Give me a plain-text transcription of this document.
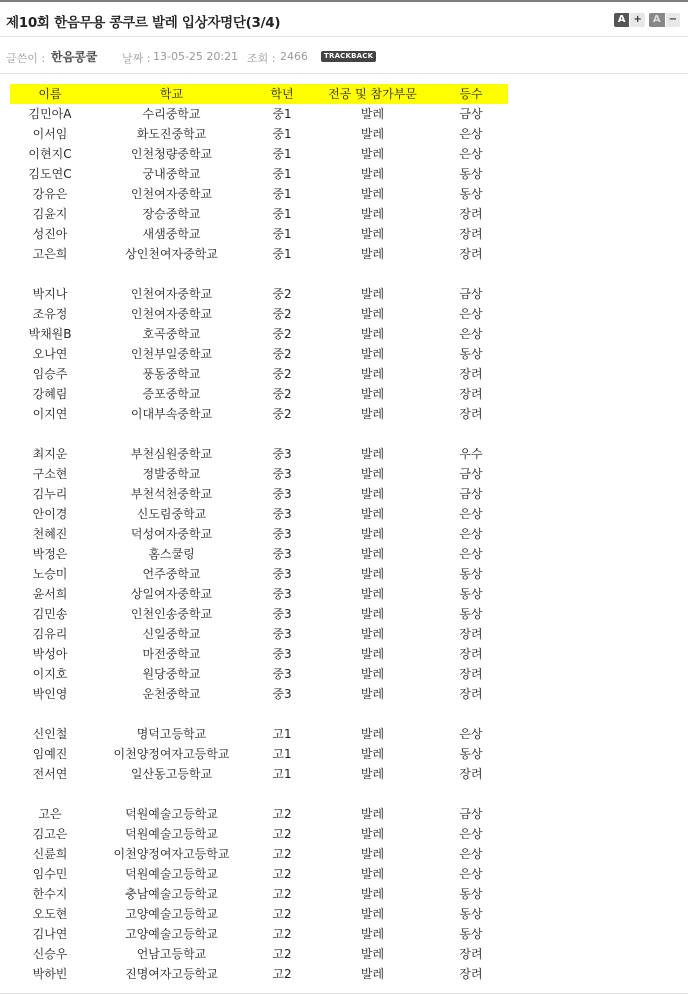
제10회 한음무용 콩쿠르 발레 입상자명단(3/4)	A +	A −
글쓴이 : 한음콩쿨 날짜 : 13-05-25 20:21 조회 : 2466	TRACKBACK
이름	학교	학년	전공 및 참가부문	등수
김민아A	수리중학교	중1	발레	금상
이서임	화도진중학교	중1	발레	은상
이현지C	인천청량중학교	중1	발레	은상
김도연C	궁내중학교	중1	발레	동상
강유은	인천여자중학교	중1	발레	동상
김윤지	장승중학교	중1	발레	장려
성진아	새샘중학교	중1	발레	장려
고은희	상인천여자중학교	중1	발레	장려
박지나	인천여자중학교	중2	발레	금상
조유정	인천여자중학교	중2	발레	은상
박채원B	호곡중학교	중2	발레	은상
오나연	인천부일중학교	중2	발레	동상
임승주	풍동중학교	중2	발레	장려
강혜림	증포중학교	중2	발레	장려
이지연	이대부속중학교	중2	발레	장려
최지운	부천심원중학교	중3	발레	우수
구소현	정발중학교	중3	발레	금상
김누리	부천석천중학교	중3	발레	금상
안이경	신도림중학교	중3	발레	은상
천혜진	덕성여자중학교	중3	발레	은상
박정은	홈스쿨링	중3	발레	은상
노승미	언주중학교	중3	발레	동상
윤서희	상일여자중학교	중3	발레	동상
김민송	인천인송중학교	중3	발레	동상
김유리	신일중학교	중3	발레	장려
박성아	마전중학교	중3	발레	장려
이지호	원당중학교	중3	발레	장려
박인영	운천중학교	중3	발레	장려
신인철	명덕고등학교	고1	발레	은상
임예진	이천양정여자고등학교	고1	발레	동상
전서연	일산동고등학교	고1	발레	장려
고은	덕원예술고등학교	고2	발레	금상
김고은	덕원예술고등학교	고2	발레	은상
신륜희	이천양정여자고등학교	고2	발레	은상
임수민	덕원예술고등학교	고2	발레	은상
한수지	충남예술고등학교	고2	발레	동상
오도현	고양예술고등학교	고2	발레	동상
김나연	고양예술고등학교	고2	발레	동상
신승우	언남고등학교	고2	발레	장려
박하빈	진명여자고등학교	고2	발레	장려
